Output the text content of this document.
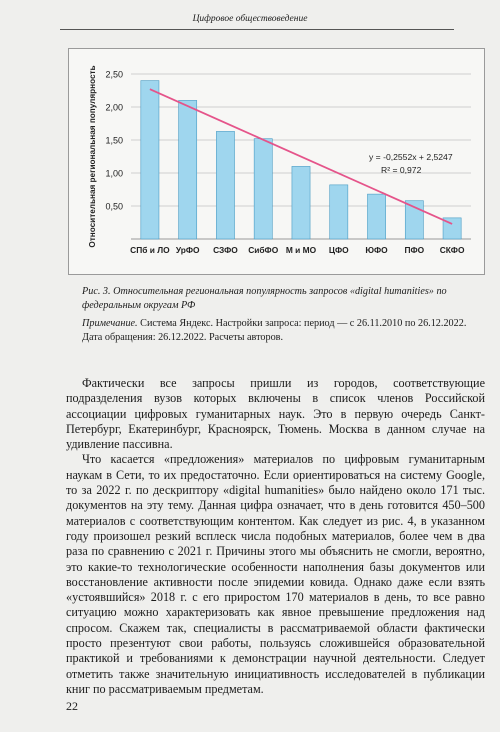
Цифровое обществоведение
0,50
1,00
1,50
2,00
2,50
СПб и ЛО УрФО СЗФО СибФО М и МО ЦФО ЮФО ПФО СКФО
y = -0,2552x + 2,5247
R² = 0,972
Относительная региональная популярность

Рис. 3. Относительная региональная популярность запросов «digital humanities» по федеральным округам РФ

Примечание. Система Яндекс. Настройки запроса: период — с 26.11.2010 по 26.12.2022. Дата обращения: 26.12.2022. Расчеты авторов.

Фактически все запросы пришли из городов, соответствующие подразделения вузов которых включены в список членов Российской ассоциации цифровых гуманитарных наук. Это в первую очередь Санкт-Петербург, Екатеринбург, Красноярск, Тюмень. Москва в данном случае на удивление пассивна.

Что касается «предложения» материалов по цифровым гуманитарным наукам в Сети, то их предостаточно. Если ориентироваться на систему Google, то за 2022 г. по дескриптору «digital humanities» было найдено около 171 тыс. документов на эту тему. Данная цифра означает, что в день готовится 450–500 материалов с соответствующим контентом. Как следует из рис. 4, в указанном году произошел резкий всплеск числа подобных материалов, более чем в два раза по сравнению с 2021 г. Причины этого мы объяснить не смогли, вероятно, это какие-то технологические особенности наполнения базы документов или восстановление активности после эпидемии ковида. Однако даже если взять «устоявшийся» 2018 г. с его приростом 170 материалов в день, то все равно ситуацию можно характеризовать как явное превышение предложения над спросом. Скажем так, специалисты в рассматриваемой области фактически просто презентуют свои работы, пользуясь сложившейся образовательной практикой и требованиями к демонстрации научной деятельности. Следует отметить также значительную инициативность исследователей в публикации книг по рассматриваемым предметам.

22
